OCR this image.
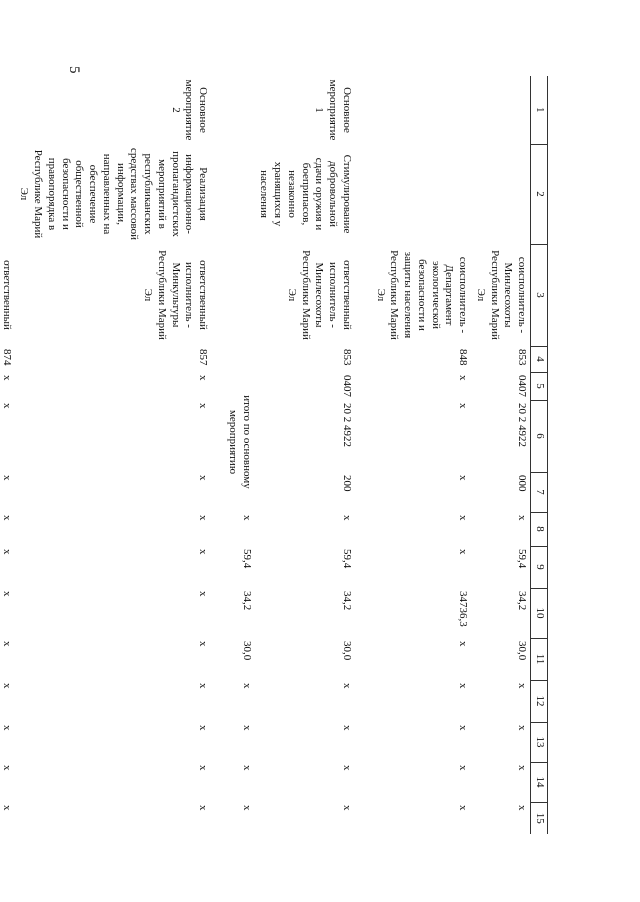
5
1	2	3	4	5	6	7	8	9	10	11	12	13	14	15
		соисполнитель - Минлесохоты Республики Марий Эл	853	0407	20 2 4922	000	x	59,4	34,2	30,0	x	x	x	x
		соисполнитель - Департамент экологической безопасности и защиты населения Республики Марий Эл	848	x	x	x	x	x	34736,3	x	x	x	x	x
Основное мероприятие 1	Стимулирование добровольной сдачи оружия и боеприпасов, незаконно хранящихся у населения	ответственный исполнитель - Минлесохоты Республики Марий Эл	853	0407	20 2 4922	200	x	59,4	34,2	30,0	x	x	x	x
				итого по основному мероприятию			x	59,4	34,2	30,0	x	x	x	x
Основное мероприятие 2	Реализация информационно-пропагандистских мероприятий в республиканских средствах массовой информации, направленных на обеспечение общественной безопасности и правопорядка в Республике Марий Эл	ответственный исполнитель - Минкультуры Республики Марий Эл	857	x	x	x	x	x	x	x	x	x	x	x
		ответственный	874	x	x	x	x	x	x	x	x	x	x	x
